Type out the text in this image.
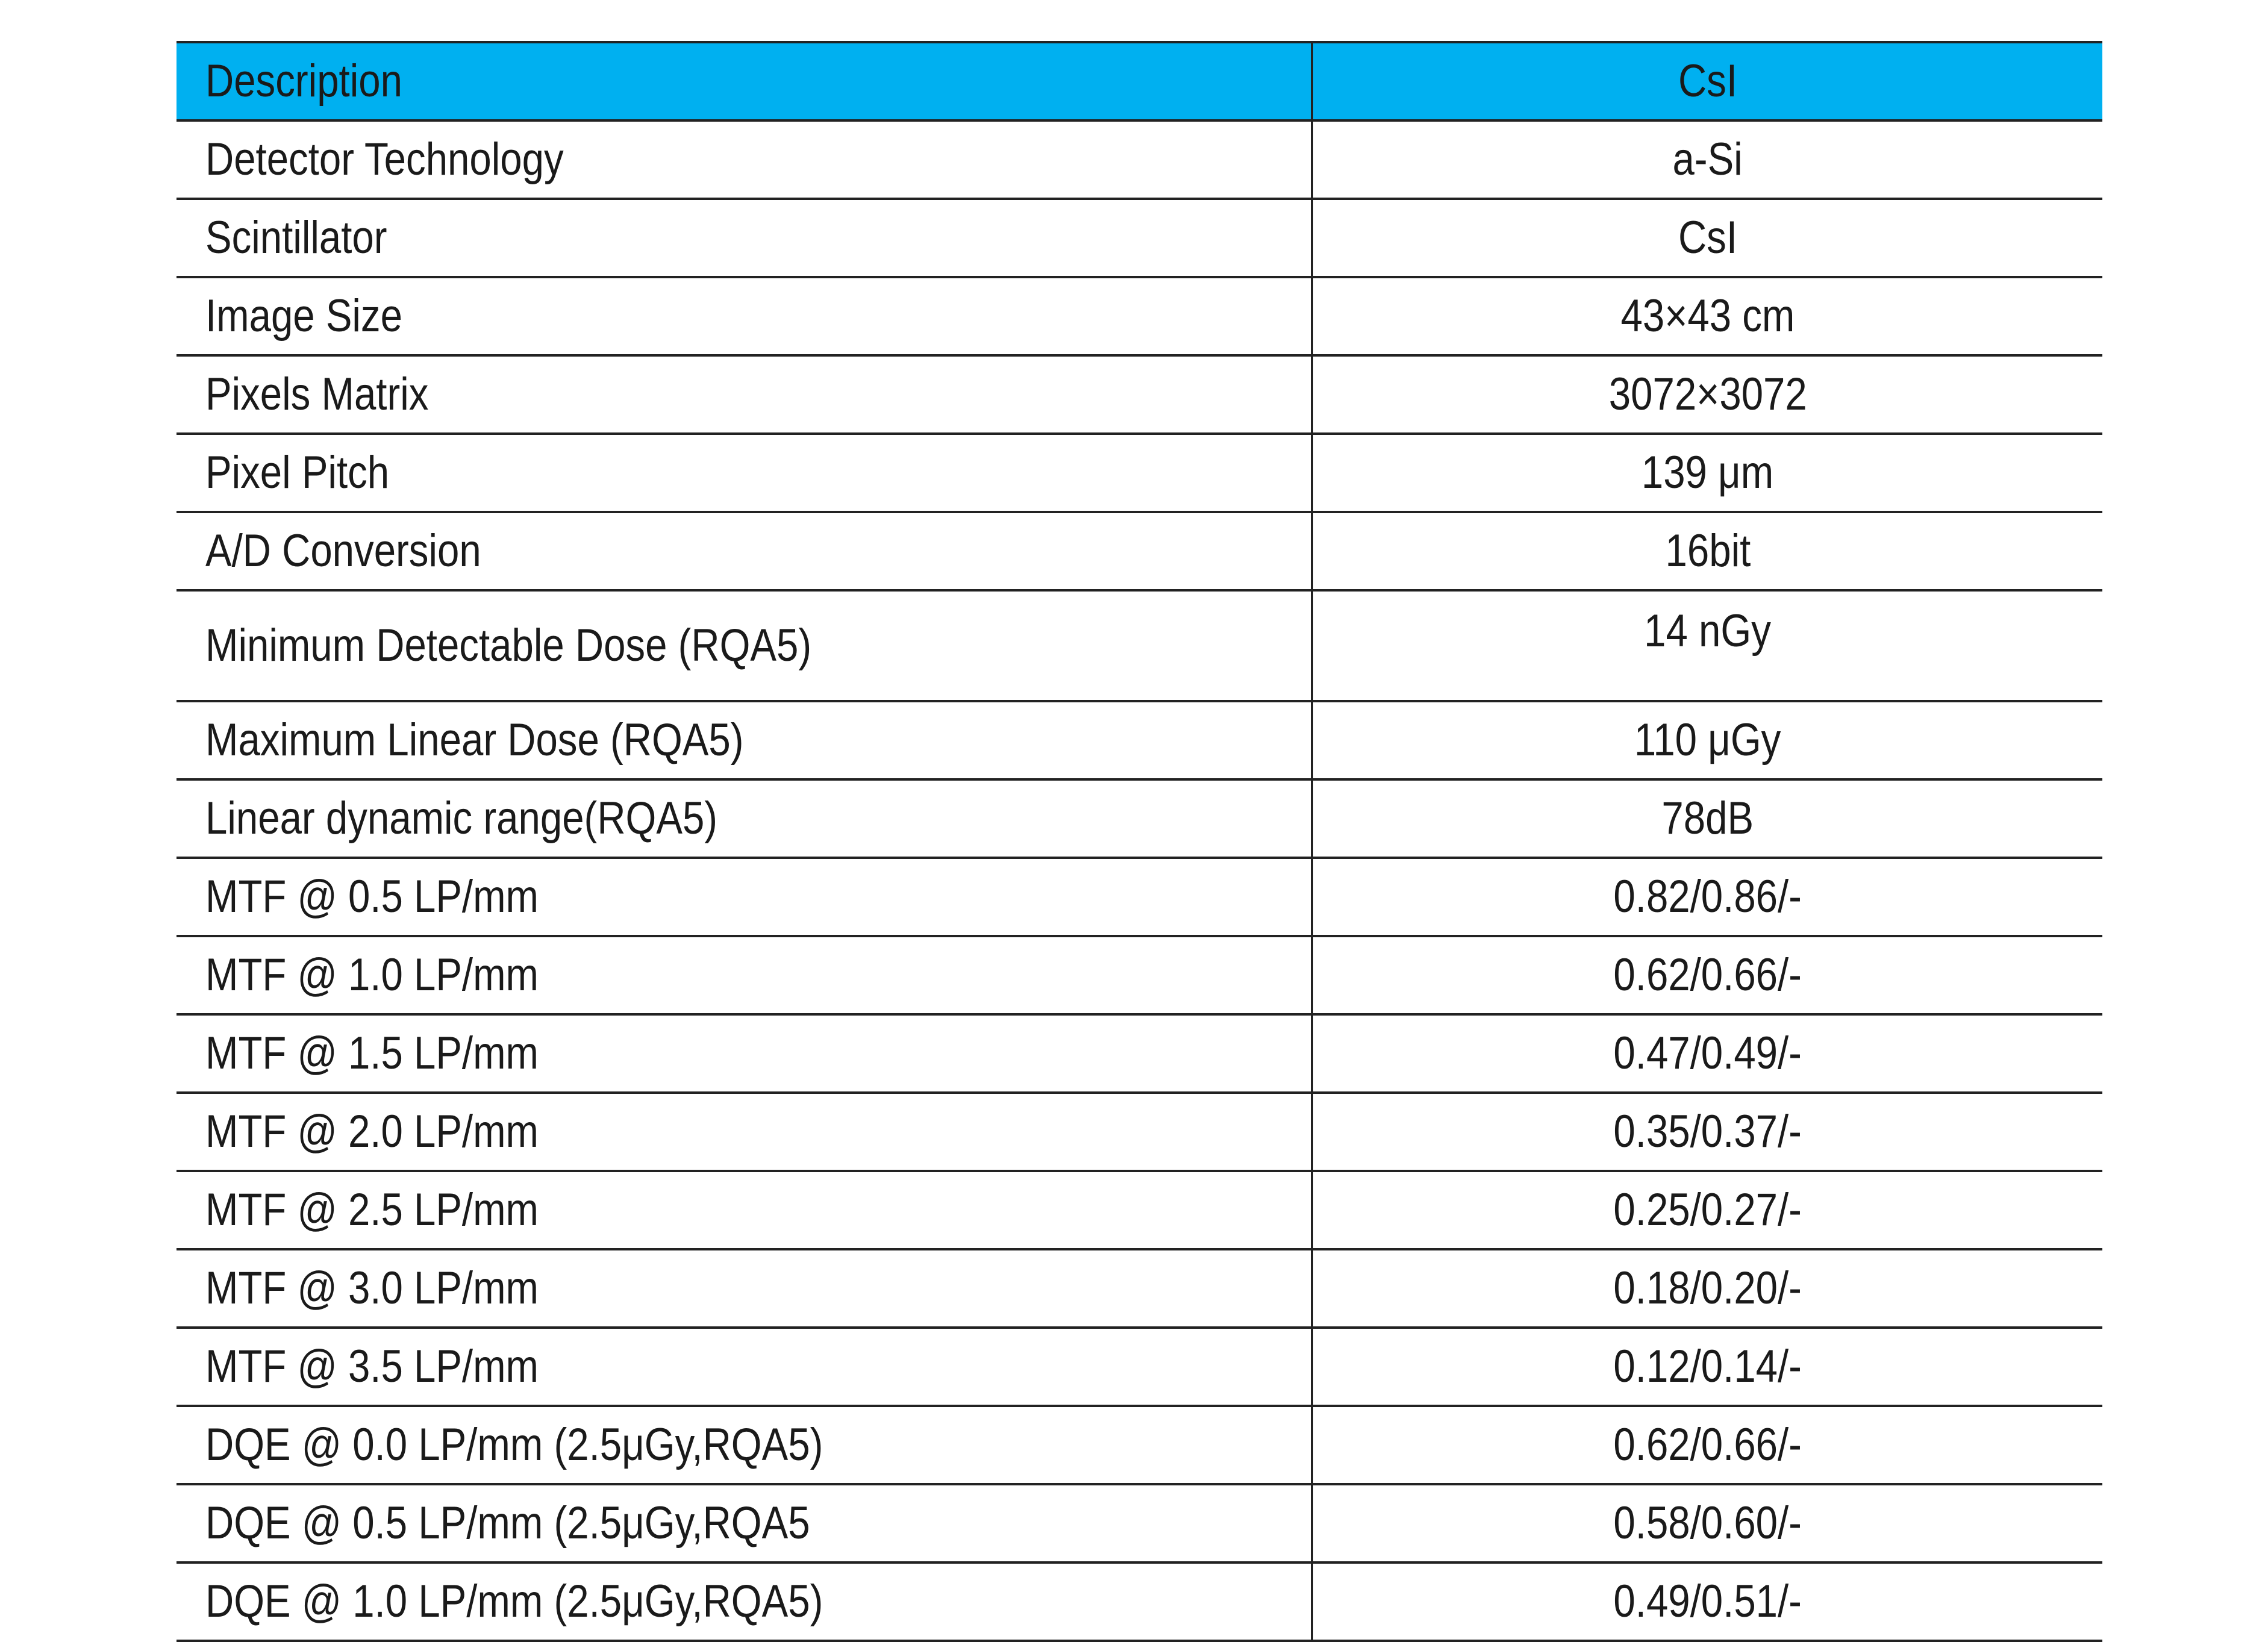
Description	CsI
Detector Technology	a-Si
Scintillator	CsI
Image Size	43×43 cm
Pixels Matrix	3072×3072
Pixel Pitch	139 μm
A/D Conversion	16bit
Minimum Detectable Dose (RQA5)	14 nGy
Maximum Linear Dose (RQA5)	110 μGy
Linear dynamic range(RQA5)	78dB
MTF @ 0.5 LP/mm	0.82/0.86/-
MTF @ 1.0 LP/mm	0.62/0.66/-
MTF @ 1.5 LP/mm	0.47/0.49/-
MTF @ 2.0 LP/mm	0.35/0.37/-
MTF @ 2.5 LP/mm	0.25/0.27/-
MTF @ 3.0 LP/mm	0.18/0.20/-
MTF @ 3.5 LP/mm	0.12/0.14/-
DQE @ 0.0 LP/mm (2.5μGy,RQA5)	0.62/0.66/-
DQE @ 0.5 LP/mm (2.5μGy,RQA5	0.58/0.60/-
DQE @ 1.0 LP/mm (2.5μGy,RQA5)	0.49/0.51/-
